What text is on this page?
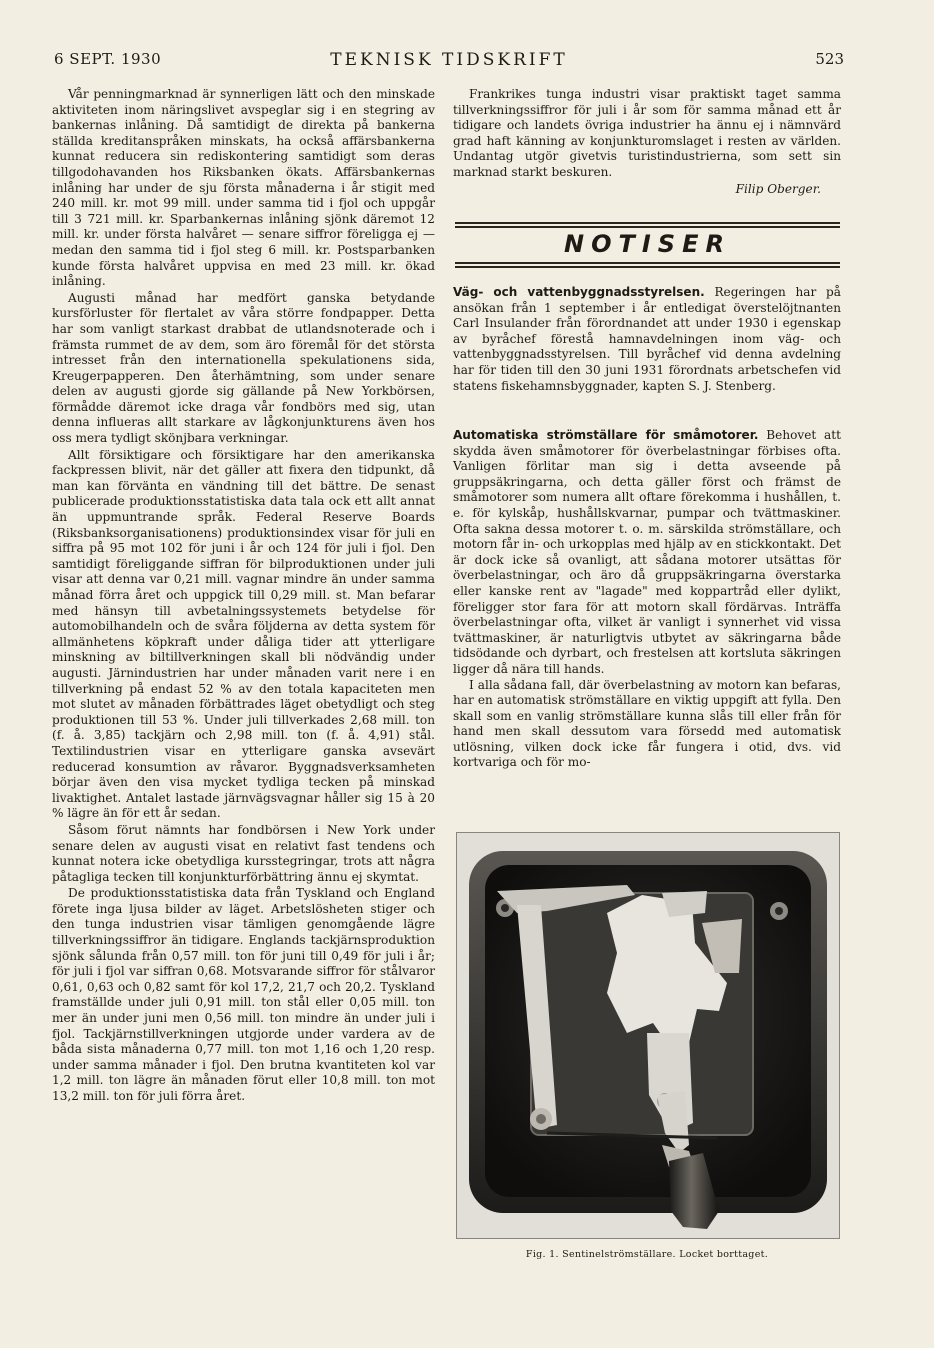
6 SEPT. 1930	TEKNISK TIDSKRIFT	523

Vår penningmarknad är synnerligen lätt och den minskade aktiviteten inom näringslivet avspeglar sig i en stegring av bankernas inlåning. Då samtidigt de direkta på bankerna ställda kreditanspråken minskats, ha också affärsbankerna kunnat reducera sin rediskontering samtidigt som deras tillgodohavanden hos Riksbanken ökats. Affärsbankernas inlåning har under de sju första månaderna i år stigit med 240 mill. kr. mot 99 mill. under samma tid i fjol och uppgår till 3 721 mill. kr. Sparbankernas inlåning sjönk däremot 12 mill. kr. under första halvåret — senare siffror föreligga ej — medan den samma tid i fjol steg 6 mill. kr. Postsparbanken kunde första halvåret uppvisa en med 23 mill. kr. ökad inlåning.

Augusti månad har medfört ganska betydande kursförluster för flertalet av våra större fondpapper. Detta har som vanligt starkast drabbat de utlandsnoterade och i främsta rummet de av dem, som äro föremål för det största intresset från den internationella spekulationens sida, Kreugerpapperen. Den återhämtning, som under senare delen av augusti gjorde sig gällande på New Yorkbörsen, förmådde däremot icke draga vår fondbörs med sig, utan denna influeras allt starkare av lågkonjunkturens även hos oss mera tydligt skönjbara verkningar.

Allt försiktigare och försiktigare har den amerikanska fackpressen blivit, när det gäller att fixera den tidpunkt, då man kan förvänta en vändning till det bättre. De senast publicerade produktionsstatistiska data tala ock ett allt annat än uppmuntrande språk. Federal Reserve Boards (Riksbanksorganisationens) produktionsindex visar för juli en siffra på 95 mot 102 för juni i år och 124 för juli i fjol. Den samtidigt föreliggande siffran för bilproduktionen under juli visar att denna var 0,21 mill. vagnar mindre än under samma månad förra året och uppgick till 0,29 mill. st. Man befarar med hänsyn till avbetalningssystemets betydelse för automobilhandeln och de svåra följderna av detta system för allmänhetens köpkraft under dåliga tider att ytterligare minskning av biltillverkningen skall bli nödvändig under augusti. Järnindustrien har under månaden varit nere i en tillverkning på endast 52 % av den totala kapaciteten men mot slutet av månaden förbättrades läget obetydligt och steg produktionen till 53 %. Under juli tillverkades 2,68 mill. ton (f. å. 3,85) tackjärn och 2,98 mill. ton (f. å. 4,91) stål. Textilindustrien visar en ytterligare ganska avsevärt reducerad konsumtion av råvaror. Byggnadsverksamheten börjar även den visa mycket tydliga tecken på minskad livaktighet. Antalet lastade järnvägsvagnar håller sig 15 à 20 % lägre än för ett år sedan.

Såsom förut nämnts har fondbörsen i New York under senare delen av augusti visat en relativt fast tendens och kunnat notera icke obetydliga kursstegringar, trots att några påtagliga tecken till konjunkturförbättring ännu ej skymtat.

De produktionsstatistiska data från Tyskland och England förete inga ljusa bilder av läget. Arbetslösheten stiger och den tunga industrien visar tämligen genomgående lägre tillverkningssiffror än tidigare. Englands tackjärnsproduktion sjönk sålunda från 0,57 mill. ton för juni till 0,49 för juli i år; för juli i fjol var siffran 0,68. Motsvarande siffror för stålvaror 0,61, 0,63 och 0,82 samt för kol 17,2, 21,7 och 20,2. Tyskland framställde under juli 0,91 mill. ton stål eller 0,05 mill. ton mer än under juni men 0,56 mill. ton mindre än under juli i fjol. Tackjärnstillverkningen utgjorde under vardera av de båda sista månaderna 0,77 mill. ton mot 1,16 och 1,20 resp. under samma månader i fjol. Den brutna kvantiteten kol var 1,2 mill. ton lägre än månaden förut eller 10,8 mill. ton mot 13,2 mill. ton för juli förra året.

Frankrikes tunga industri visar praktiskt taget samma tillverkningssiffror för juli i år som för samma månad ett år tidigare och landets övriga industrier ha ännu ej i nämnvärd grad haft känning av konjunkturomslaget i resten av världen. Undantag utgör givetvis turistindustrierna, som sett sin marknad starkt beskuren.

Filip Oberger.

NOTISER

Väg- och vattenbyggnadsstyrelsen. Regeringen har på ansökan från 1 september i år entledigat överstelöjtnanten Carl Insulander från förordnandet att under 1930 i egenskap av byråchef förestå hamnavdelningen inom väg- och vattenbyggnadsstyrelsen. Till byråchef vid denna avdelning har för tiden till den 30 juni 1931 förordnats arbetschefen vid statens fiskehamnsbyggnader, kapten S. J. Stenberg.

Automatiska strömställare för småmotorer. Behovet att skydda även småmotorer för överbelastningar förbises ofta. Vanligen förlitar man sig i detta avseende på gruppsäkringarna, och detta gäller först och främst de småmotorer som numera allt oftare förekomma i hushållen, t. e. för kylskåp, hushållskvarnar, pumpar och tvättmaskiner. Ofta sakna dessa motorer t. o. m. särskilda strömställare, och motorn får in- och urkopplas med hjälp av en stickkontakt. Det är dock icke så ovanligt, att sådana motorer utsättas för överbelastningar, och äro då gruppsäkringarna överstarka eller kanske rent av "lagade" med koppartråd eller dylikt, föreligger stor fara för att motorn skall fördärvas. Inträffa överbelastningar ofta, vilket är vanligt i synnerhet vid vissa tvättmaskiner, är naturligtvis utbytet av säkringarna både tidsödande och dyrbart, och frestelsen att kortsluta säkringen ligger då nära till hands.

I alla sådana fall, där överbelastning av motorn kan befaras, har en automatisk strömställare en viktig uppgift att fylla. Den skall som en vanlig strömställare kunna slås till eller från för hand men skall dessutom vara försedd med automatisk utlösning, vilken dock icke får fungera i otid, dvs. vid kortvariga och för mo-

Fig. 1. Sentinelströmställare. Locket borttaget.
